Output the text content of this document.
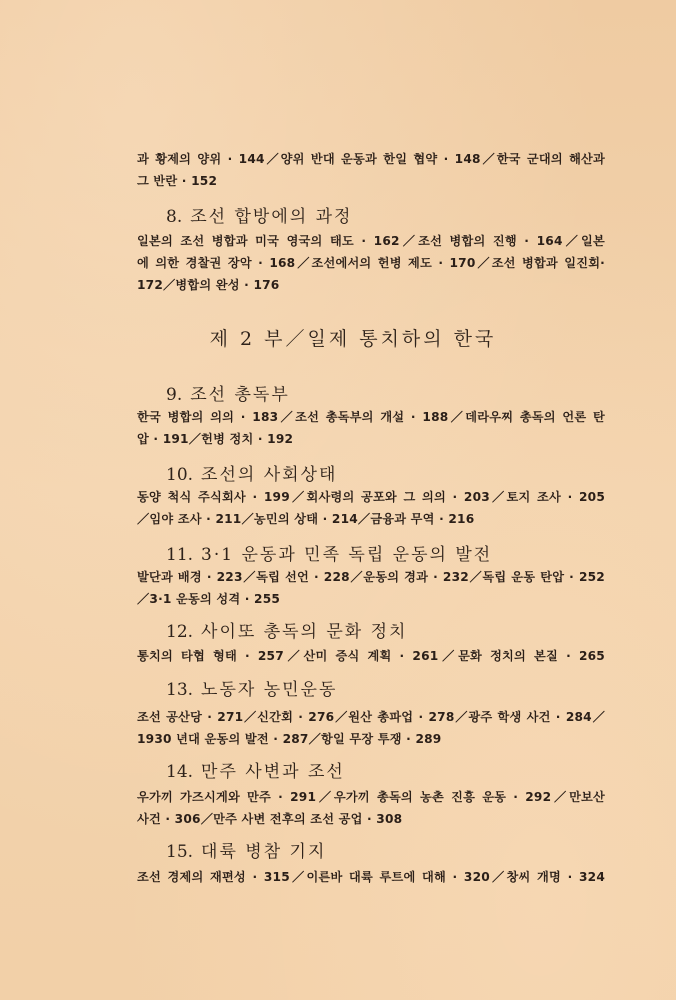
과 황제의 양위 · 144／양위 반대 운동과 한일 협약 · 148／한국 군대의 해산과
그 반란 · 152
8. 조선 합방에의 과정
일본의 조선 병합과 미국 영국의 태도 · 162／조선 병합의 진행 · 164／일본
에 의한 경찰권 장악 · 168／조선에서의 헌병 제도 · 170／조선 병합과 일진회·
172／병합의 완성 · 176
제 2 부／일제 통치하의 한국
9. 조선 총독부
한국 병합의 의의 · 183／조선 총독부의 개설 · 188／데라우찌 총독의 언론 탄
압 · 191／헌병 정치 · 192
10. 조선의 사회상태
동양 척식 주식회사 · 199／회사령의 공포와 그 의의 · 203／토지 조사 · 205
／임야 조사 · 211／농민의 상태 · 214／금융과 무역 · 216
11. 3·1 운동과 민족 독립 운동의 발전
발단과 배경 · 223／독립 선언 · 228／운동의 경과 · 232／독립 운동 탄압 · 252
／3·1 운동의 성격 · 255
12. 사이또 총독의 문화 정치
통치의 타협 형태 · 257／산미 증식 계획 · 261／문화 정치의 본질 · 265
13. 노동자 농민운동
조선 공산당 · 271／신간회 · 276／원산 총파업 · 278／광주 학생 사건 · 284／
1930 년대 운동의 발전 · 287／항일 무장 투쟁 · 289
14. 만주 사변과 조선
우가끼 가즈시게와 만주 · 291／우가끼 총독의 농촌 진흥 운동 · 292／만보산
사건 · 306／만주 사변 전후의 조선 공업 · 308
15. 대륙 병참 기지
조선 경제의 재편성 · 315／이른바 대륙 루트에 대해 · 320／창씨 개명 · 324
